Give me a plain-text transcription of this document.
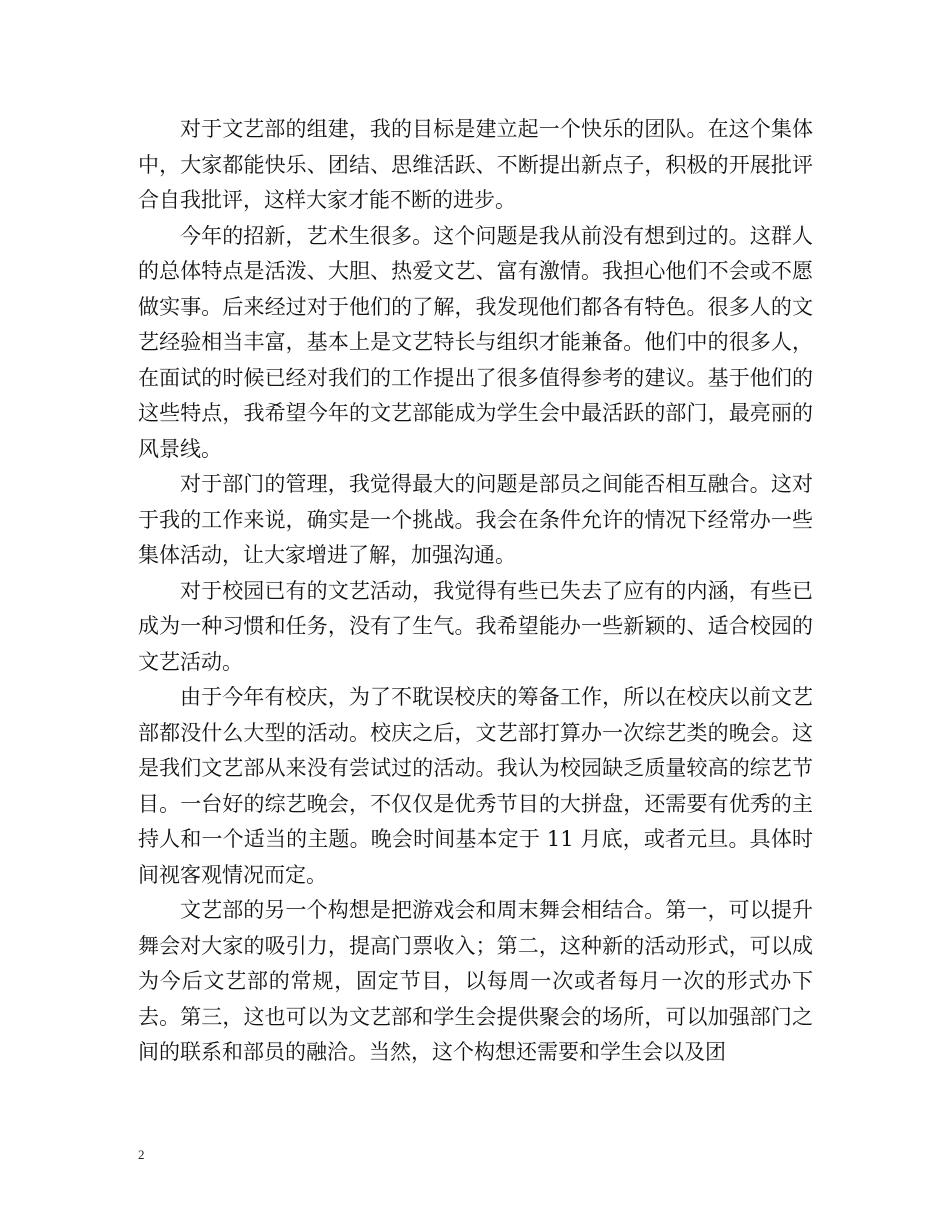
对于文艺部的组建，我的目标是建立起一个快乐的团队。在这个集体中，大家都能快乐、团结、思维活跃、不断提出新点子，积极的开展批评合自我批评，这样大家才能不断的进步。

今年的招新，艺术生很多。这个问题是我从前没有想到过的。这群人的总体特点是活泼、大胆、热爱文艺、富有激情。我担心他们不会或不愿做实事。后来经过对于他们的了解，我发现他们都各有特色。很多人的文艺经验相当丰富，基本上是文艺特长与组织才能兼备。他们中的很多人，在面试的时候已经对我们的工作提出了很多值得参考的建议。基于他们的这些特点，我希望今年的文艺部能成为学生会中最活跃的部门，最亮丽的风景线。

对于部门的管理，我觉得最大的问题是部员之间能否相互融合。这对于我的工作来说，确实是一个挑战。我会在条件允许的情况下经常办一些集体活动，让大家增进了解，加强沟通。

对于校园已有的文艺活动，我觉得有些已失去了应有的内涵，有些已成为一种习惯和任务，没有了生气。我希望能办一些新颖的、适合校园的文艺活动。

由于今年有校庆，为了不耽误校庆的筹备工作，所以在校庆以前文艺部都没什么大型的活动。校庆之后，文艺部打算办一次综艺类的晚会。这是我们文艺部从来没有尝试过的活动。我认为校园缺乏质量较高的综艺节目。一台好的综艺晚会，不仅仅是优秀节目的大拼盘，还需要有优秀的主持人和一个适当的主题。晚会时间基本定于 11 月底，或者元旦。具体时间视客观情况而定。

文艺部的另一个构想是把游戏会和周末舞会相结合。第一，可以提升舞会对大家的吸引力，提高门票收入；第二，这种新的活动形式，可以成为今后文艺部的常规，固定节目，以每周一次或者每月一次的形式办下去。第三，这也可以为文艺部和学生会提供聚会的场所，可以加强部门之间的联系和部员的融洽。当然，这个构想还需要和学生会以及团

2
